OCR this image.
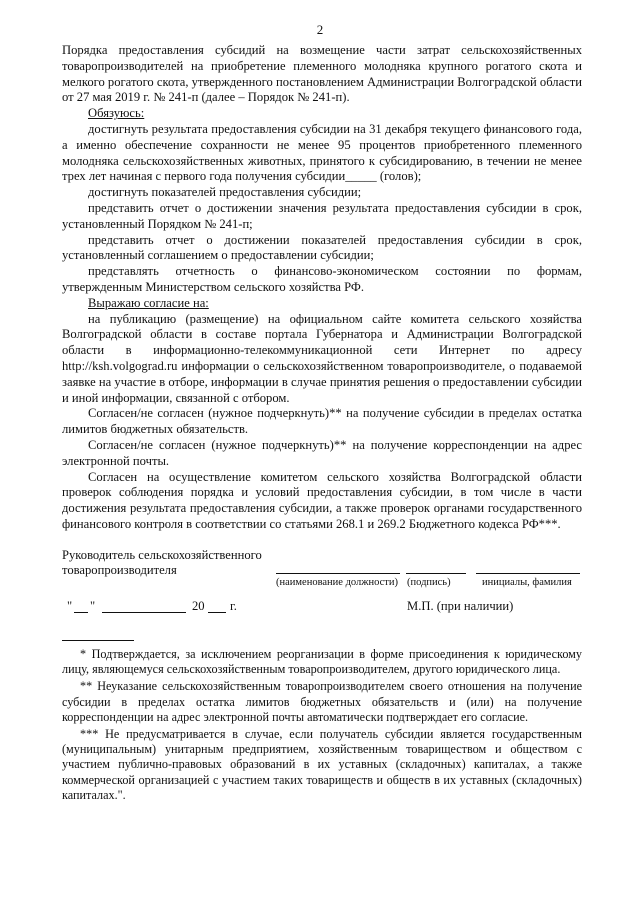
2

Порядка предоставления субсидий на возмещение части затрат сельскохозяйственных товаропроизводителей на приобретение племенного молодняка крупного рогатого скота и мелкого рогатого скота, утвержденного постановлением Администрации Волгоградской области от 27 мая 2019 г. № 241-п (далее – Порядок № 241-п).

Обязуюсь:

достигнуть результата предоставления субсидии на 31 декабря текущего финансового года, а именно обеспечение сохранности не менее 95 процентов приобретенного племенного молодняка сельскохозяйственных животных, принятого к субсидированию, в течении не менее трех лет начиная с первого года получения субсидии_____ (голов);

достигнуть показателей предоставления субсидии;

представить отчет о достижении значения результата предоставления субсидии в срок, установленный Порядком № 241-п;

представить отчет о достижении показателей предоставления субсидии в срок, установленный соглашением о предоставлении субсидии;

представлять отчетность о финансово-экономическом состоянии по формам, утвержденным Министерством сельского хозяйства РФ.

Выражаю согласие на:

на публикацию (размещение) на официальном сайте комитета сельского хозяйства Волгоградской области в составе портала Губернатора и Администрации Волгоградской области в информационно-телекоммуникационной сети Интернет по адресу http://ksh.volgograd.ru информации о сельскохозяйственном товаропроизводителе, о подаваемой заявке на участие в отборе, информации в случае принятия решения о предоставлении субсидии и иной информации, связанной с отбором.

Согласен/не согласен (нужное подчеркнуть)** на получение субсидии в пределах остатка лимитов бюджетных обязательств.

Согласен/не согласен (нужное подчеркнуть)** на получение корреспонденции на адрес электронной почты.

Согласен на осуществление комитетом сельского хозяйства Волгоградской области проверок соблюдения порядка и условий предоставления субсидии, в том числе в части достижения результата предоставления субсидии, а также проверок органами государственного финансового контроля в соответствии со статьями 268.1 и 269.2 Бюджетного кодекса РФ***.

Руководитель сельскохозяйственного товаропроизводителя
(наименование должности) (подпись)	инициалы, фамилия
" "	20 г.	М.П. (при наличии)

* Подтверждается, за исключением реорганизации в форме присоединения к юридическому лицу, являющемуся сельскохозяйственным товаропроизводителем, другого юридического лица.

** Неуказание сельскохозяйственным товаропроизводителем своего отношения на получение субсидии в пределах остатка лимитов бюджетных обязательств и (или) на получение корреспонденции на адрес электронной почты автоматически подтверждает его согласие.

*** Не предусматривается в случае, если получатель субсидии является государственным (муниципальным) унитарным предприятием, хозяйственным товариществом и обществом с участием публично-правовых образований в их уставных (складочных) капиталах, а также коммерческой организацией с участием таких товариществ и обществ в их уставных (складочных) капиталах.".
